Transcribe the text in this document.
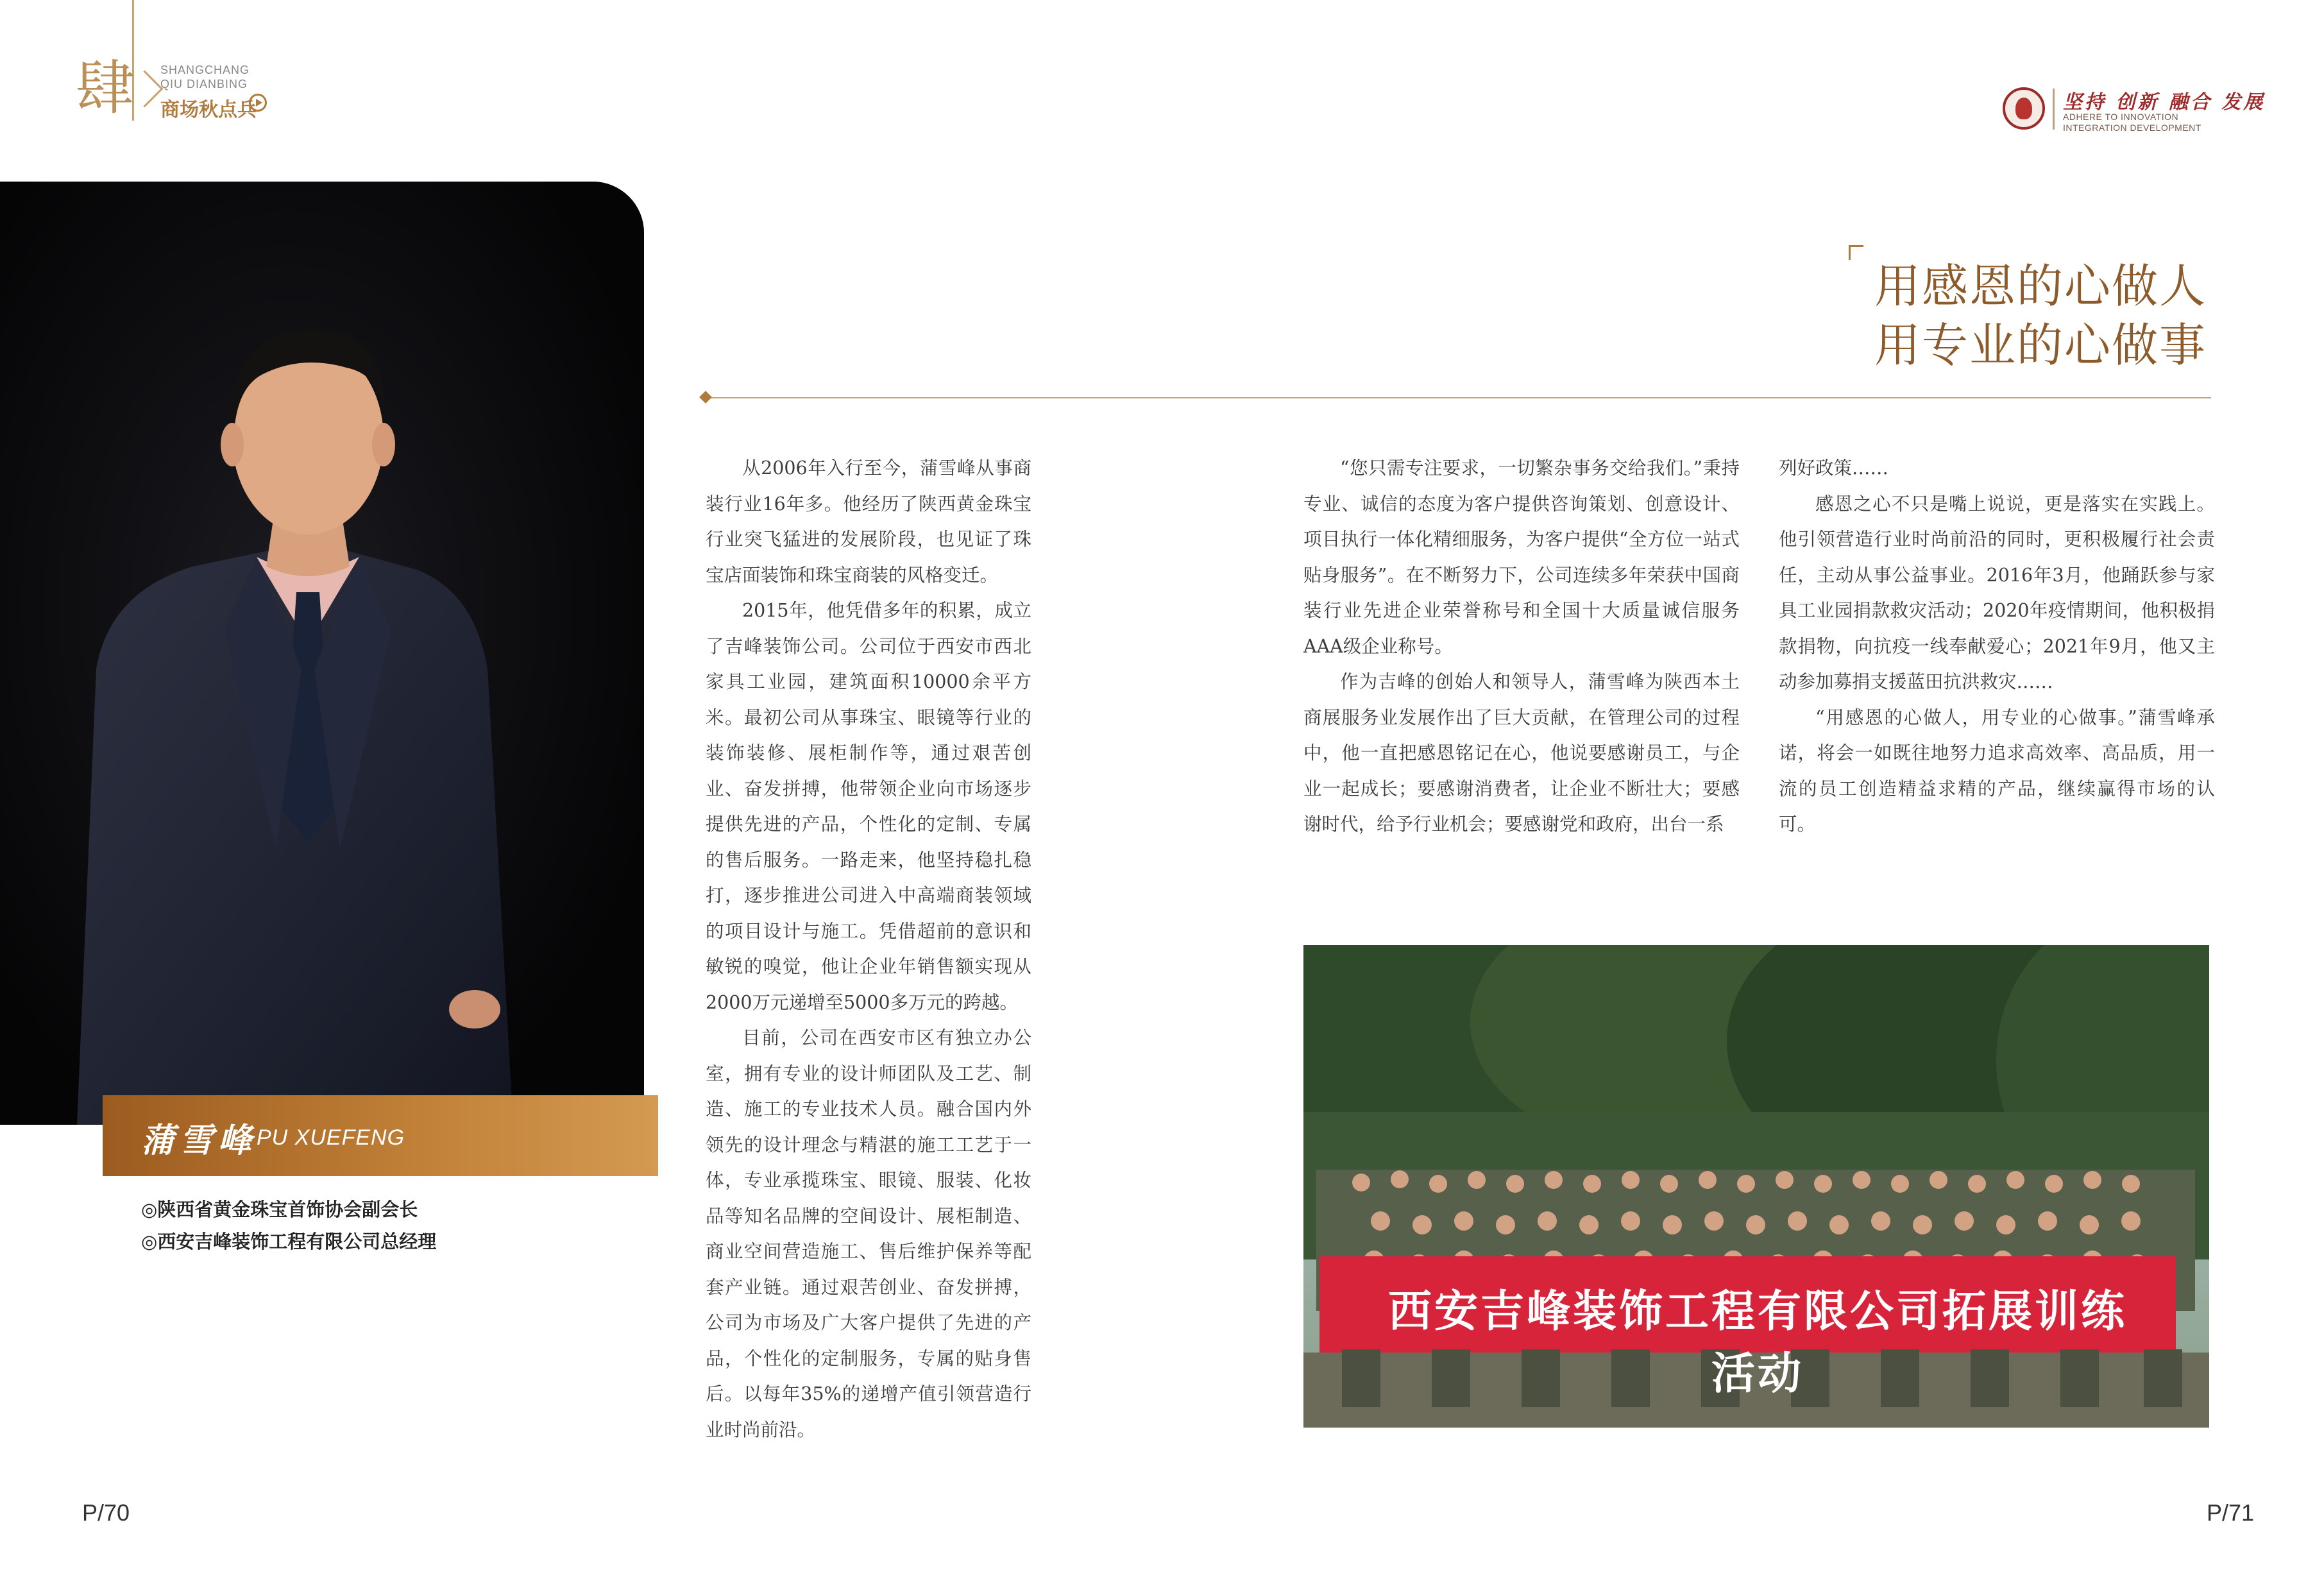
肆 SHANGCHANG
QIU DIANBING
商场秋点兵	坚持 创新 融合 发展
ADHERE TO INNOVATION
INTEGRATION DEVELOPMENT
蒲雪峰 PU XUEFENG
◎陕西省黄金珠宝首饰协会副会长
◎西安吉峰装饰工程有限公司总经理
用感恩的心做人
用专业的心做事

从2006年入行至今，蒲雪峰从事商装行业16年多。他经历了陕西黄金珠宝行业突飞猛进的发展阶段，也见证了珠宝店面装饰和珠宝商装的风格变迁。

2015年，他凭借多年的积累，成立了吉峰装饰公司。公司位于西安市西北家具工业园，建筑面积10000余平方米。最初公司从事珠宝、眼镜等行业的装饰装修、展柜制作等，通过艰苦创业、奋发拼搏，他带领企业向市场逐步提供先进的产品，个性化的定制、专属的售后服务。一路走来，他坚持稳扎稳打，逐步推进公司进入中高端商装领域的项目设计与施工。凭借超前的意识和敏锐的嗅觉，他让企业年销售额实现从2000万元递增至5000多万元的跨越。

目前，公司在西安市区有独立办公室，拥有专业的设计师团队及工艺、制造、施工的专业技术人员。融合国内外领先的设计理念与精湛的施工工艺于一体，专业承揽珠宝、眼镜、服装、化妆品等知名品牌的空间设计、展柜制造、商业空间营造施工、售后维护保养等配套产业链。通过艰苦创业、奋发拼搏，公司为市场及广大客户提供了先进的产品，个性化的定制服务，专属的贴身售后。以每年35%的递增产值引领营造行业时尚前沿。

“您只需专注要求，一切繁杂事务交给我们。”秉持专业、诚信的态度为客户提供咨询策划、创意设计、项目执行一体化精细服务，为客户提供“全方位一站式贴身服务”。在不断努力下，公司连续多年荣获中国商装行业先进企业荣誉称号和全国十大质量诚信服务AAA级企业称号。

作为吉峰的创始人和领导人，蒲雪峰为陕西本土商展服务业发展作出了巨大贡献，在管理公司的过程中，他一直把感恩铭记在心，他说要感谢员工，与企业一起成长；要感谢消费者，让企业不断壮大；要感谢时代，给予行业机会；要感谢党和政府，出台一系

列好政策……

感恩之心不只是嘴上说说，更是落实在实践上。他引领营造行业时尚前沿的同时，更积极履行社会责任，主动从事公益事业。2016年3月，他踊跃参与家具工业园捐款救灾活动；2020年疫情期间，他积极捐款捐物，向抗疫一线奉献爱心；2021年9月，他又主动参加募捐支援蓝田抗洪救灾……

“用感恩的心做人，用专业的心做事。”蒲雪峰承诺，将会一如既往地努力追求高效率、高品质，用一流的员工创造精益求精的产品，继续赢得市场的认可。

西安吉峰装饰工程有限公司拓展训练活动
P/70	P/71
